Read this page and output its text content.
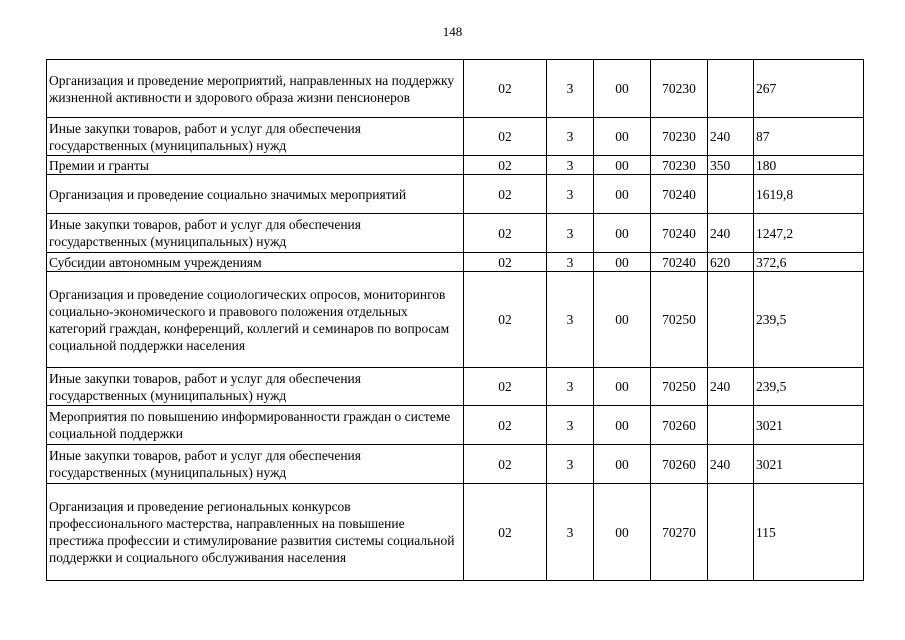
148
Организация и проведение мероприятий, направленных на поддержку жизненной активности и здорового образа жизни пенсионеров	02	3	00	70230		267
Иные закупки товаров, работ и услуг для обеспечения государственных (муниципальных) нужд	02	3	00	70230	240	87
Премии и гранты	02	3	00	70230	350	180
Организация и проведение социально значимых мероприятий	02	3	00	70240		1619,8
Иные закупки товаров, работ и услуг для обеспечения государственных (муниципальных) нужд	02	3	00	70240	240	1247,2
Субсидии автономным учреждениям	02	3	00	70240	620	372,6
Организация и проведение социологических опросов, мониторингов социально-экономического и правового положения отдельных категорий граждан, конференций, коллегий и семинаров по вопросам социальной поддержки населения	02	3	00	70250		239,5
Иные закупки товаров, работ и услуг для обеспечения государственных (муниципальных) нужд	02	3	00	70250	240	239,5
Мероприятия по повышению информированности граждан о системе социальной поддержки	02	3	00	70260		3021
Иные закупки товаров, работ и услуг для обеспечения государственных (муниципальных) нужд	02	3	00	70260	240	3021
Организация и проведение региональных конкурсов профессионального мастерства, направленных на повышение престижа профессии и стимулирование развития системы социальной поддержки и социального обслуживания населения	02	3	00	70270		115
